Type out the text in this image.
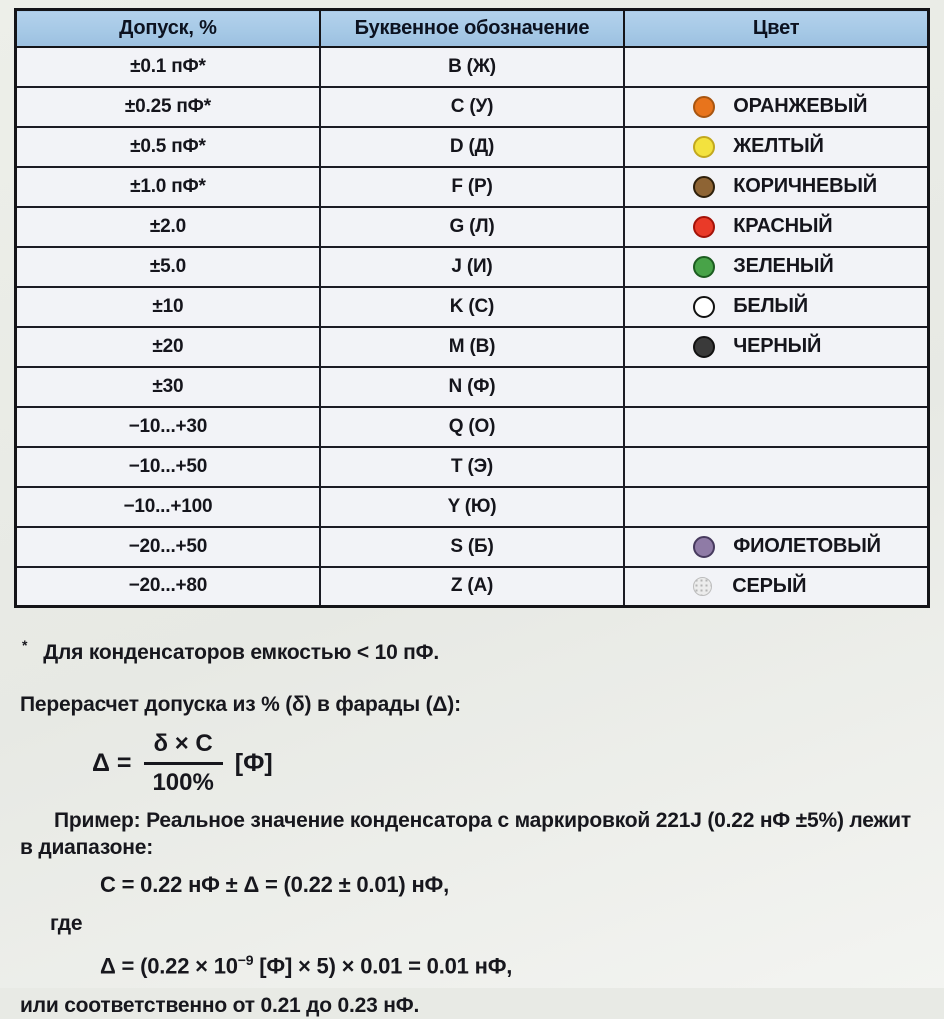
Допуск, %	Буквенное обозначение	Цвет
±0.1 пФ*	B (Ж)	
±0.25 пФ*	C (У)	ОРАНЖЕВЫЙ
±0.5 пФ*	D (Д)	ЖЕЛТЫЙ
±1.0 пФ*	F (Р)	КОРИЧНЕВЫЙ
±2.0	G (Л)	КРАСНЫЙ
±5.0	J (И)	ЗЕЛЕНЫЙ
±10	K (С)	БЕЛЫЙ
±20	M (В)	ЧЕРНЫЙ
±30	N (Ф)	
−10...+30	Q (О)	
−10...+50	T (Э)	
−10...+100	Y (Ю)	
−20...+50	S (Б)	ФИОЛЕТОВЫЙ
−20...+80	Z (А)	СЕРЫЙ

* Для конденсаторов емкостью < 10 пФ.

Перерасчет допуска из % (δ) в фарады (Δ):

$\Delta = \frac{\delta \times C}{100\%} [Ф]$

Пример: Реальное значение конденсатора с маркировкой 221J (0.22 нФ ±5%) лежит
в диапазоне:

C = 0.22 нФ ± Δ = (0.22 ± 0.01) нФ,

где

$\Delta = (0.22 \times 10^{-9}$ [Ф] × 5) × 0.01 = 0.01 нФ,

или соответственно от 0.21 до 0.23 нФ.
